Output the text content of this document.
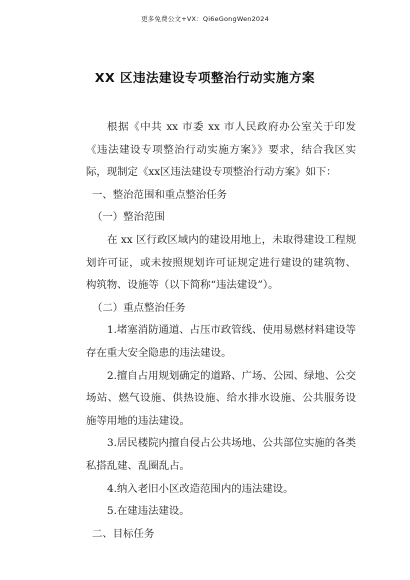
更多免费公文+VX：Qi6eGongWen2024
XX 区违法建设专项整治行动实施方案

根据《中共 xx 市委 xx 市人民政府办公室关于印发《违法建设专项整治行动实施方案》》要求，结合我区实际，现制定《xx区违法建设专项整治行动方案》如下：

一、整治范围和重点整治任务

（一）整治范围

在 xx 区行政区域内的建设用地上，未取得建设工程规划许可证，或未按照规划许可证规定进行建设的建筑物、构筑物、设施等（以下简称“违法建设”）。

（二）重点整治任务

1.堵塞消防通道、占压市政管线、使用易燃材料建设等存在重大安全隐患的违法建设。

2.擅自占用规划确定的道路、广场、公园、绿地、公交场站、燃气设施、供热设施、给水排水设施、公共服务设施等用地的违法建设。

3.居民楼院内擅自侵占公共场地、公共部位实施的各类私搭乱建、乱圈乱占。

4.纳入老旧小区改造范围内的违法建设。

5.在建违法建设。

二、目标任务
